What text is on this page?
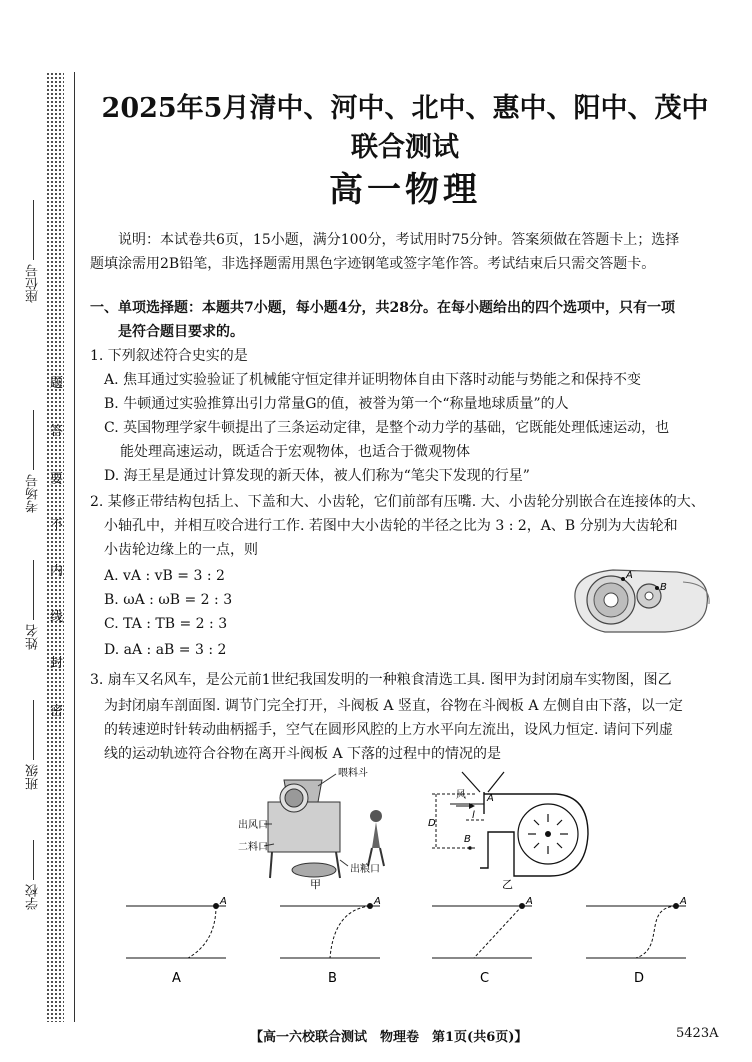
座位号
考场号
姓名
班级
学校
题
答
要
不
内
线
封
密
2025年5月清中、河中、北中、惠中、阳中、茂中联合测试
高一物理
说明：本试卷共6页，15小题，满分100分，考试用时75分钟。答案须做在答题卡上；选择
题填涂需用2B铅笔，非选择题需用黑色字迹钢笔或签字笔作答。考试结束后只需交答题卡。
一、单项选择题：本题共7小题，每小题4分，共28分。在每小题给出的四个选项中，只有一项
是符合题目要求的。
1. 下列叙述符合史实的是
A. 焦耳通过实验验证了机械能守恒定律并证明物体自由下落时动能与势能之和保持不变
B. 牛顿通过实验推算出引力常量G的值，被誉为第一个“称量地球质量”的人
C. 英国物理学家牛顿提出了三条运动定律，是整个动力学的基础，它既能处理低速运动，也
能处理高速运动，既适合于宏观物体，也适合于微观物体
D. 海王星是通过计算发现的新天体，被人们称为“笔尖下发现的行星”
2. 某修正带结构包括上、下盖和大、小齿轮，它们前部有压嘴. 大、小齿轮分别嵌合在连接体的大、
小轴孔中，并相互咬合进行工作. 若图中大小齿轮的半径之比为 3 : 2，A、B 分别为大齿轮和
小齿轮边缘上的一点，则
A. vA : vB = 3 : 2
B. ωA : ωB = 2 : 3
C. TA : TB = 2 : 3
D. aA : aB = 3 : 2
A
B
3. 扇车又名风车，是公元前1世纪我国发明的一种粮食清选工具. 图甲为封闭扇车实物图，图乙
为封闭扇车剖面图. 调节门完全打开，斗阀板 A 竖直，谷物在斗阀板 A 左侧自由下落，以一定
的转速逆时针转动曲柄摇手，空气在圆形风腔的上方水平向左流出，设风力恒定. 请问下列虚
线的运动轨迹符合谷物在离开斗阀板 A 下落的过程中的情况的是
喂料斗
出风口
二料口
出粮口
甲
风 A
D
l
B
乙
A
A
A
B
A
C
A
D
【高一六校联合测试　物理卷　第1页(共6页)】	5423A
